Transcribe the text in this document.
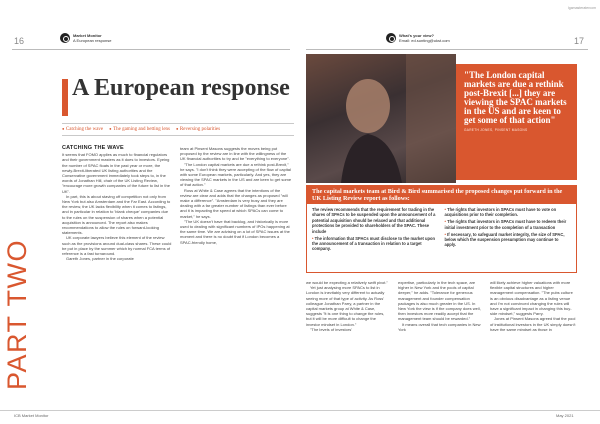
lgamasteratercom
16
Market Monitor
A European response
What's your view?
Email: ed.sunting@ukst.com	17
PART TWO
A European response
● Catching the wave	● The gaming and betting lens	● Reversing polarities
CATCHING THE WAVE

It seems that FOMO applies as much to financial regulators and their government masters as it does to investors. Eyeing the number of SPAC floats in the past year or more, the newly-Brexit-liberated UK listing authorities and the Conservative government immediately took steps to, in the words of Jonathan Hill, chair of the UK Listing Review, "encourage more growth companies of the future to list in the UK".

In part, this is about staving off competition not only from New York but also Amsterdam and the Far East. According to the review, the UK lacks flexibility when it comes to listings, and in particular in relation to 'blank cheque' companies due to the rules on the suspension of shares when a potential acquisition is announced. The report also makes recommendations to allow the rules on forward-looking statements.

UK corporate lawyers believe this element of the review such as the provisions around dual-class shares. These could be put in place by the summer which by normal FCA terms of reference is a fast turnaround.

Gareth Jones, partner in the corporate

team at Pinsent Masons suggests the moves being put proposed by the review are in line with the willingness of the UK financial authorities to try and be "everything to everyone".

"The London capital markets are due a rethink post-Brexit," he says. "I don't think they were accepting of the flow of capital with some European markets, particularly. And yes, they are viewing the SPAC markets in the US and are keen to get some of that action."

Ross at White & Case agrees that the intentions of the review are clear and adds that the changes as proposed "will make a difference". "Amsterdam is very busy and they are dealing with a far greater number of listings than ever before and it is impacting the speed at which SPACs can come to market," he says.

"The UK doesn't have that backlog, and historically is more used to dealing with significant numbers of IPOs happening at the same time. We are advising on a lot of SPAC issues at the moment and there is no doubt that if London becomes a SPAC-friendly home,

"The London capital markets are due a rethink post-Brexit [...] they are viewing the SPAC markets in the US and are keen to get some of that action"
GARETH JONES, PINSENT MASONS
The capital markets team at Bird & Bird summarised the proposed changes put forward in the UK Listing Review report as follows:

The review recommends that the requirement for trading in the shares of SPACs to be suspended upon the announcement of a potential acquisition should be relaxed and that additional protections be provided to shareholders of the SPAC. These include

• The information that SPACs must disclose to the market upon the announcement of a transaction in relation to a target company.

• The rights that investors in SPACs must have to vote on acquisitions prior to their completion.

• The rights that investors in SPACs must have to redeem their initial investment prior to the completion of a transaction

• If necessary, to safeguard market integrity, the size of SPAC, below which the suspension presumption may continue to apply.

we would be expecting a relatively swift pivot."

Yet just analysing more SPACs to list in London is inevitably very different to actually seeing more of that type of activity. As Ross' colleague Jonathan Parry, a partner in the capital markets group at White & Case, suggests "it is one thing to change the rules, but it will be more difficult to change the investor mindset in London."

"The levels of investors'

expertise, particularly in the tech space, are higher in New York and the pools of capital deeper," he adds. "Tolerance for generous management and founder compensation packages is also much greater in the US. In New York the view is if the company does well, then investors more readily accept that the management team should be rewarded."

It means overall that tech companies in New York

will likely achieve higher valuations with more flexible capital structures and higher management compensation. "The pubs culture is an obvious disadvantage as a listing venue and I'm not convinced changing the rules will have a significant impact in changing this buy-side mindset," suggests Parry.

Jones at Pinsent Masons agreed that the pool of institutional investors in the UK simply doesn't have the same mindset as those in

ICB Market Monitor	May 2021
